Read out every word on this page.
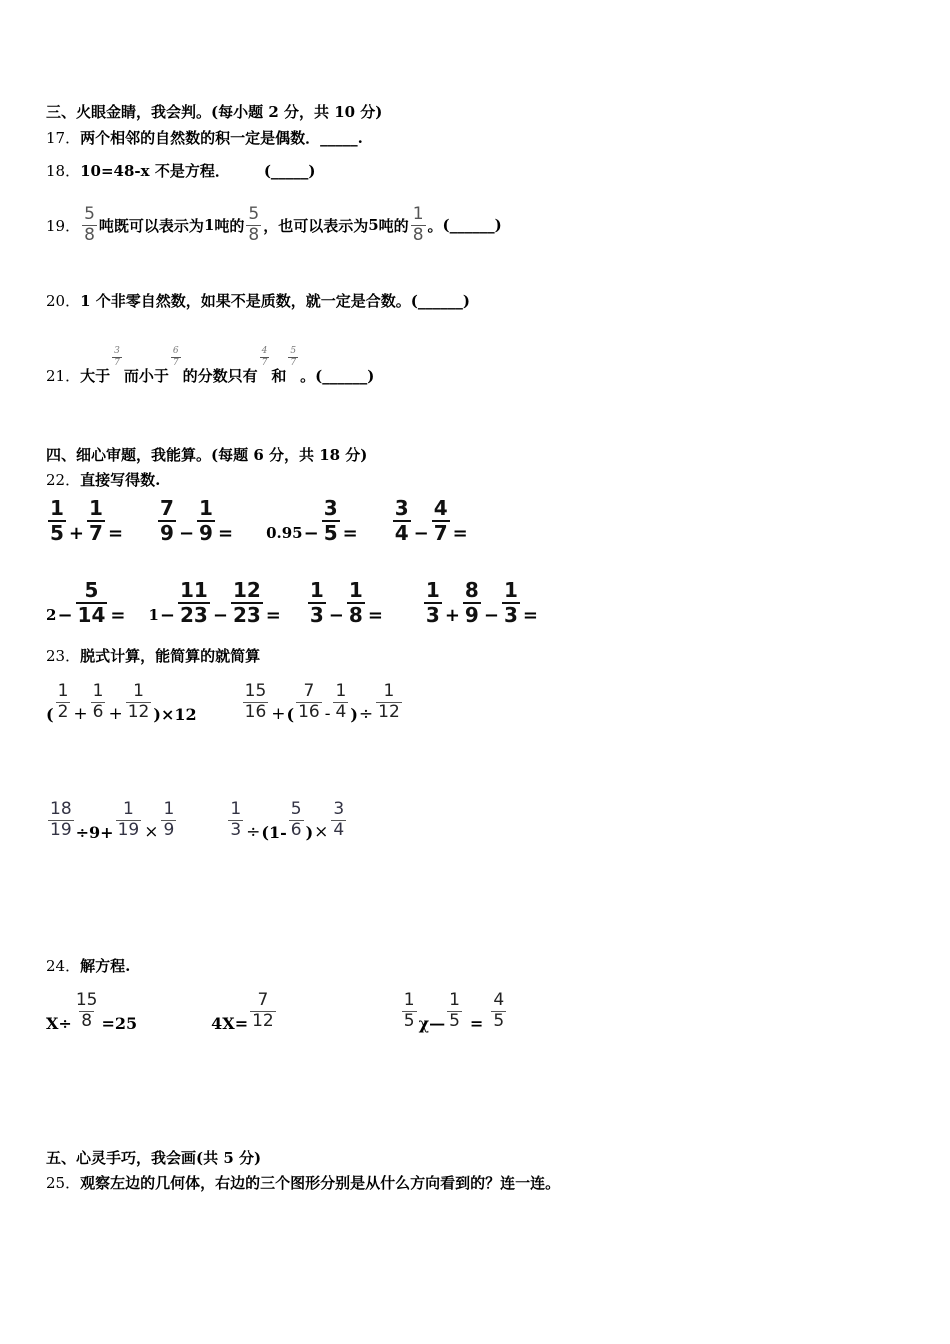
三、火眼金睛，我会判。(每小题 2 分，共 10 分)
17．两个相邻的自然数的积一定是偶数．_____.
18．10=48-x 不是方程． (_____)
19． $\frac{5}{8}$ 吨既可以表示为 1 吨的 $\frac{5}{8}$ ，也可以表示为 5 吨的 $\frac{1}{8}$ 。 (______)
20．1 个非零自然数，如果不是质数，就一定是合数。(______)
21． 大于
$\frac{3}{7}$
而小于
$\frac{6}{7}$
的分数只有
$\frac{4}{7}$
和
$\frac{5}{7}$
。 (______)
四、细心审题，我能算。(每题 6 分，共 18 分)
22．直接写得数.
$\frac{1}{5} + \frac{1}{7} = \frac{7}{9} - \frac{1}{9} = 0.95 - \frac{3}{5} = \frac{3}{4} - \frac{4}{7}$ =
$2 - \frac{5}{14} = 1 - \frac{11}{23} - \frac{12}{23} = \frac{1}{3} - \frac{1}{8} = \frac{1}{3} + \frac{8}{9} - \frac{1}{3}$ =
23．脱式计算，能简算的就简算
( $\frac{1}{2} + \frac{1}{6} + \frac{1}{12}$ ) ×12	$\frac{15}{16}$ + ( $\frac{7}{16} - \frac{1}{4}$ ) ÷ $\frac{1}{12}$
$\frac{18}{19} \div 9+ \frac{1}{19} \times \frac{1}{9}$	$\frac{1}{3} \div (1- \frac{5}{6}$ ) × $\frac{3}{4}$
24．解方程.
$X\div \frac{15}{8} =25$	$4X= \frac{7}{12}$	$\frac{1}{5}$ χ — $\frac{1}{5} = \frac{4}{5}$
五、心灵手巧，我会画(共 5 分)
25．观察左边的几何体，右边的三个图形分别是从什么方向看到的？连一连。
